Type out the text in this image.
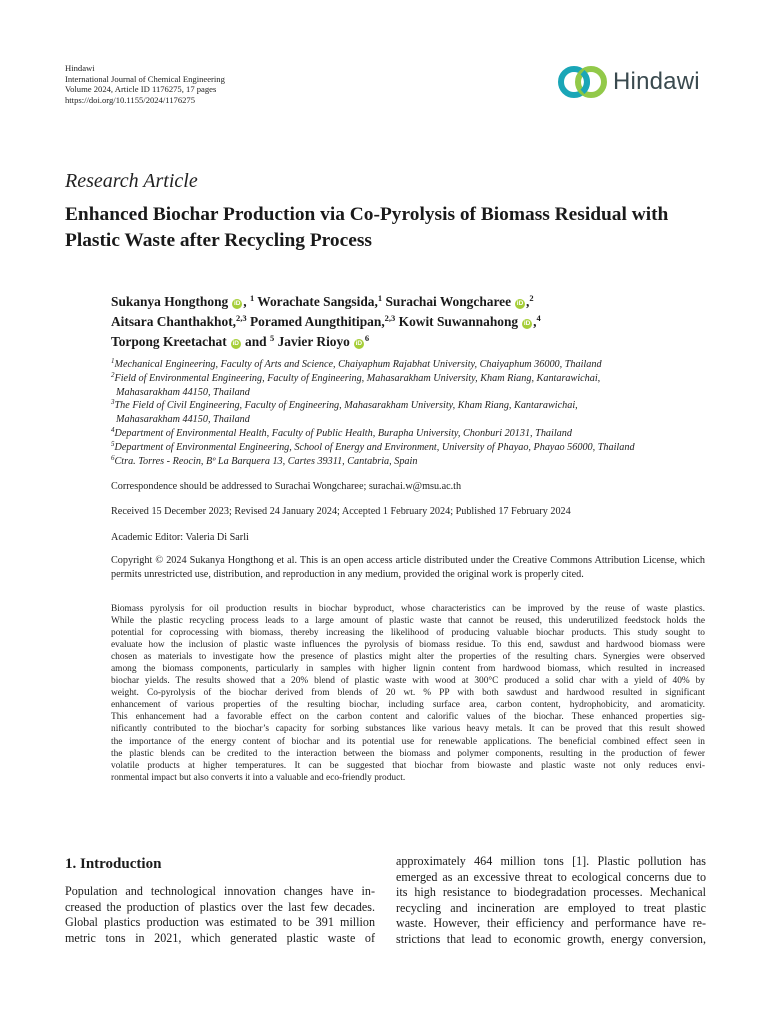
Hindawi
International Journal of Chemical Engineering
Volume 2024, Article ID 1176275, 17 pages
https://doi.org/10.1155/2024/1176275
Hindawi
Research Article
Enhanced Biochar Production via Co-Pyrolysis of Biomass Residual with Plastic Waste after Recycling Process
Sukanya Hongthong iD , $^1$ Worachate Sangsida,$^1$ Surachai Wongcharee iD ,$^2$
Aitsara Chanthakhot,$^{2,3}$ Poramed Aungthitipan,$^{2,3}$ Kowit Suwannahong iD ,$^4$
Torpong Kreetachat iD and $^5$ Javier Rioyo $iD^6$
$^1$Mechanical Engineering, Faculty of Arts and Science, Chaiyaphum Rajabhat University, Chaiyaphum 36000, Thailand
$^2$Field of Environmental Engineering, Faculty of Engineering, Mahasarakham University, Kham Riang, Kantarawichai,
Mahasarakham 44150, Thailand
$^3$The Field of Civil Engineering, Faculty of Engineering, Mahasarakham University, Kham Riang, Kantarawichai,
Mahasarakham 44150, Thailand
$^4$Department of Environmental Health, Faculty of Public Health, Burapha University, Chonburi 20131, Thailand
$^5$Department of Environmental Engineering, School of Energy and Environment, University of Phayao, Phayao 56000, Thailand
$^6$Ctra. Torres - Reocin, Bº La Barquera 13, Cartes 39311, Cantabria, Spain
Correspondence should be addressed to Surachai Wongcharee; surachai.w@msu.ac.th
Received 15 December 2023; Revised 24 January 2024; Accepted 1 February 2024; Published 17 February 2024
Academic Editor: Valeria Di Sarli
Copyright © 2024 Sukanya Hongthong et al. This is an open access article distributed under the Creative Commons Attribution License, which permits unrestricted use, distribution, and reproduction in any medium, provided the original work is properly cited.
Biomass pyrolysis for oil production results in biochar byproduct, whose characteristics can be improved by the reuse of waste plastics.
While the plastic recycling process leads to a large amount of plastic waste that cannot be reused, this underutilized feedstock holds the
potential for coprocessing with biomass, thereby increasing the likelihood of producing valuable biochar products. This study sought to
evaluate how the inclusion of plastic waste influences the pyrolysis of biomass residue. To this end, sawdust and hardwood biomass were
chosen as materials to investigate how the presence of plastics might alter the properties of the resulting chars. Synergies were observed
among the biomass components, particularly in samples with higher lignin content from hardwood biomass, which resulted in increased
biochar yields. The results showed that a 20% blend of plastic waste with wood at 300°C produced a solid char with a yield of 40% by
weight. Co-pyrolysis of the biochar derived from blends of 20 wt. % PP with both sawdust and hardwood resulted in significant
enhancement of various properties of the resulting biochar, including surface area, carbon content, hydrophobicity, and aromaticity.
This enhancement had a favorable effect on the carbon content and calorific values of the biochar. These enhanced properties sig-
nificantly contributed to the biochar’s capacity for sorbing substances like various heavy metals. It can be proved that this result showed
the importance of the energy content of biochar and its potential use for renewable applications. The beneficial combined effect seen in
the plastic blends can be credited to the interaction between the biomass and polymer components, resulting in the production of fewer
volatile products at higher temperatures. It can be suggested that biochar from biowaste and plastic waste not only reduces envi-
ronmental impact but also converts it into a valuable and eco-friendly product.
1. Introduction
Population and technological innovation changes have in-
creased the production of plastics over the last few decades.
Global plastics production was estimated to be 391 million
metric tons in 2021, which generated plastic waste of
approximately 464 million tons [1]. Plastic pollution has
emerged as an excessive threat to ecological concerns due to
its high resistance to biodegradation processes. Mechanical
recycling and incineration are employed to treat plastic
waste. However, their efficiency and performance have re-
strictions that lead to economic growth, energy conversion,
